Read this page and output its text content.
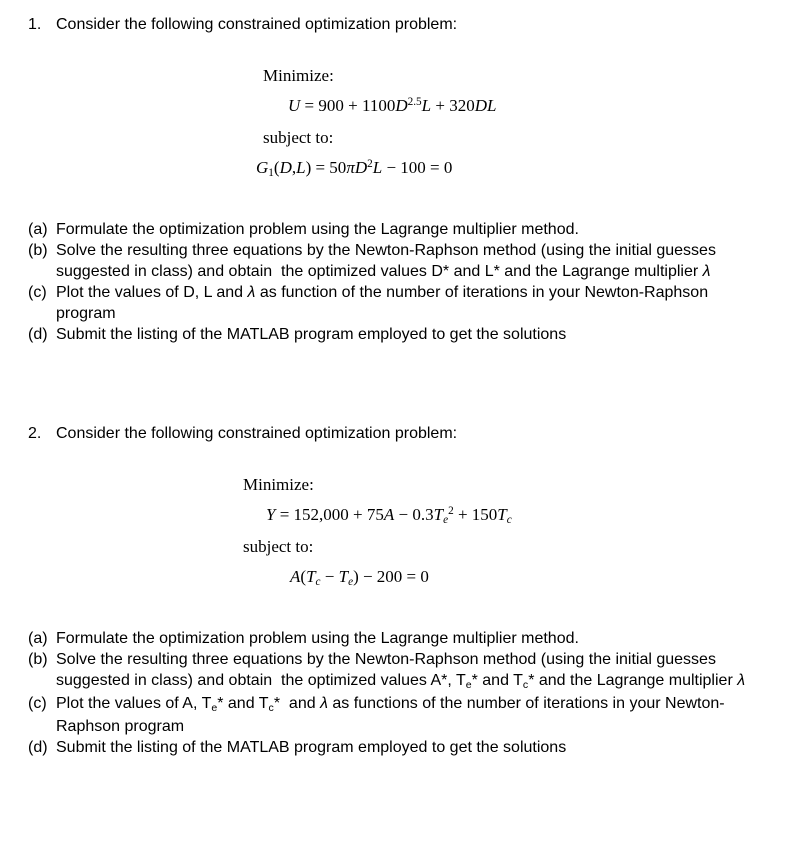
1. Consider the following constrained optimization problem:
Minimize:
$U = 900 + 1100D^{2.5}L + 320DL$
subject to:
$G1(D,L) = 50\pi D^2L - 100 = 0$
(a) Formulate the optimization problem using the Lagrange multiplier method.
(b) Solve the resulting three equations by the Newton-Raphson method (using the initial guesses suggested in class) and obtain  the optimized values D* and L* and the Lagrange multiplier λ
(c) Plot the values of D, L and λ as function of the number of iterations in your Newton-Raphson program
(d) Submit the listing of the MATLAB program employed to get the solutions
2. Consider the following constrained optimization problem:
Minimize:
$Y = 152,000 + 75A - 0.3Te^2 + 150Tc$
subject to:
A(Tc − Te) − 200 = 0
(a) Formulate the optimization problem using the Lagrange multiplier method.
(b) Solve the resulting three equations by the Newton-Raphson method (using the initial guesses suggested in class) and obtain  the optimized values A*, Te* and Tc* and the Lagrange multiplier λ
(c) Plot the values of A, Te* and Tc*  and λ as functions of the number of iterations in your Newton-Raphson program
(d) Submit the listing of the MATLAB program employed to get the solutions
